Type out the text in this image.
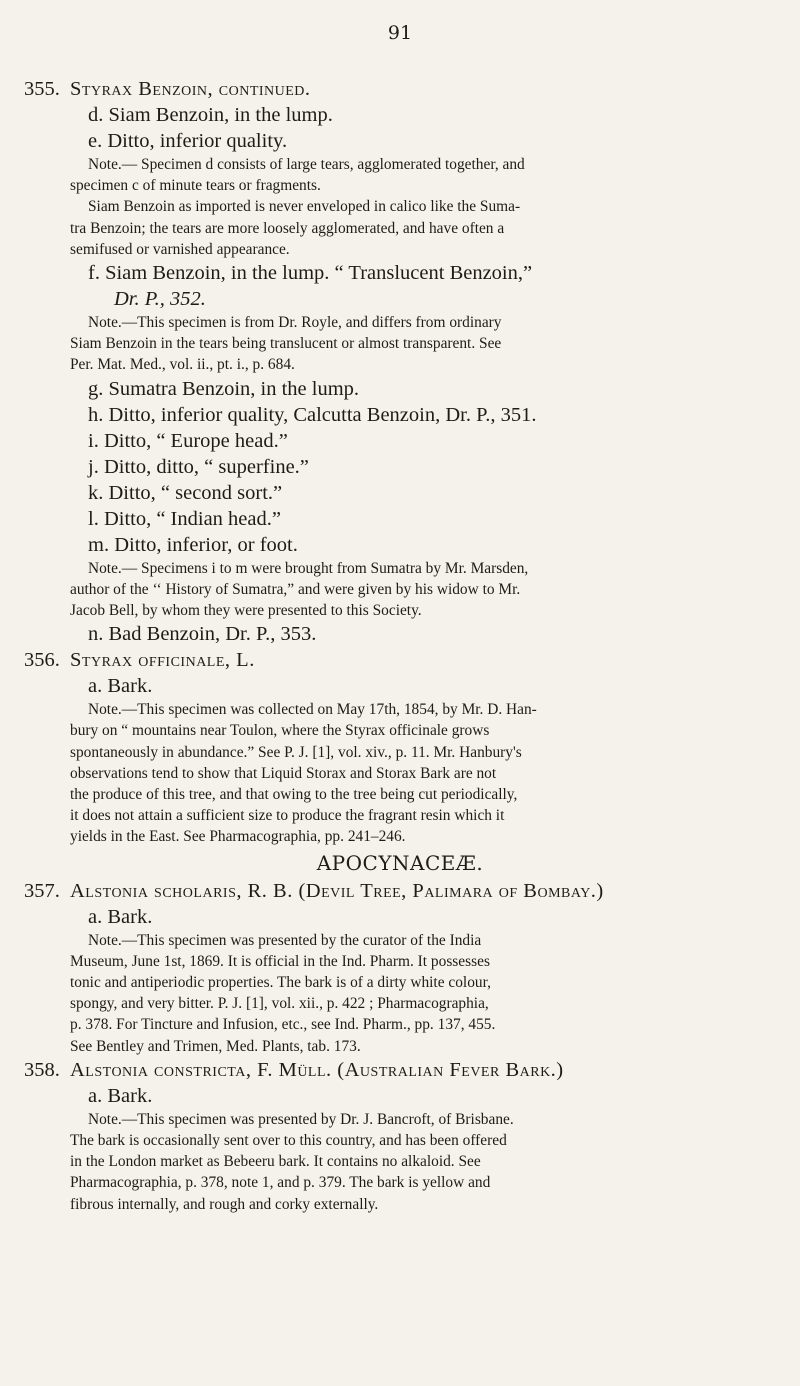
91
355. Styrax Benzoin, continued.
d. Siam Benzoin, in the lump.
e. Ditto, inferior quality.
Note.— Specimen d consists of large tears, agglomerated together, and
specimen c of minute tears or fragments.
Siam Benzoin as imported is never enveloped in calico like the Suma-
tra Benzoin; the tears are more loosely agglomerated, and have often a
semifused or varnished appearance.
f. Siam Benzoin, in the lump. “ Translucent Benzoin,”
Dr. P., 352.
Note.—This specimen is from Dr. Royle, and differs from ordinary
Siam Benzoin in the tears being translucent or almost transparent. See
Per. Mat. Med., vol. ii., pt. i., p. 684.
g. Sumatra Benzoin, in the lump.
h. Ditto, inferior quality, Calcutta Benzoin, Dr. P., 351.
i. Ditto, “ Europe head.”
j. Ditto, ditto, “ superfine.”
k. Ditto, “ second sort.”
l. Ditto, “ Indian head.”
m. Ditto, inferior, or foot.
Note.— Specimens i to m were brought from Sumatra by Mr. Marsden,
author of the ‘‘ History of Sumatra,” and were given by his widow to Mr.
Jacob Bell, by whom they were presented to this Society.
n. Bad Benzoin, Dr. P., 353.
356. Styrax officinale, L.
a. Bark.
Note.—This specimen was collected on May 17th, 1854, by Mr. D. Han-
bury on “ mountains near Toulon, where the Styrax officinale grows
spontaneously in abundance.” See P. J. [1], vol. xiv., p. 11. Mr. Hanbury's
observations tend to show that Liquid Storax and Storax Bark are not
the produce of this tree, and that owing to the tree being cut periodically,
it does not attain a sufficient size to produce the fragrant resin which it
yields in the East. See Pharmacographia, pp. 241–246.
APOCYNACEÆ.
357. Alstonia scholaris, R. B. (Devil Tree, Palimara of Bombay.)
a. Bark.
Note.—This specimen was presented by the curator of the India
Museum, June 1st, 1869. It is official in the Ind. Pharm. It possesses
tonic and antiperiodic properties. The bark is of a dirty white colour,
spongy, and very bitter. P. J. [1], vol. xii., p. 422 ; Pharmacographia,
p. 378. For Tincture and Infusion, etc., see Ind. Pharm., pp. 137, 455.
See Bentley and Trimen, Med. Plants, tab. 173.
358. Alstonia constricta, F. Müll. (Australian Fever Bark.)
a. Bark.
Note.—This specimen was presented by Dr. J. Bancroft, of Brisbane.
The bark is occasionally sent over to this country, and has been offered
in the London market as Bebeeru bark. It contains no alkaloid. See
Pharmacographia, p. 378, note 1, and p. 379. The bark is yellow and
fibrous internally, and rough and corky externally.
